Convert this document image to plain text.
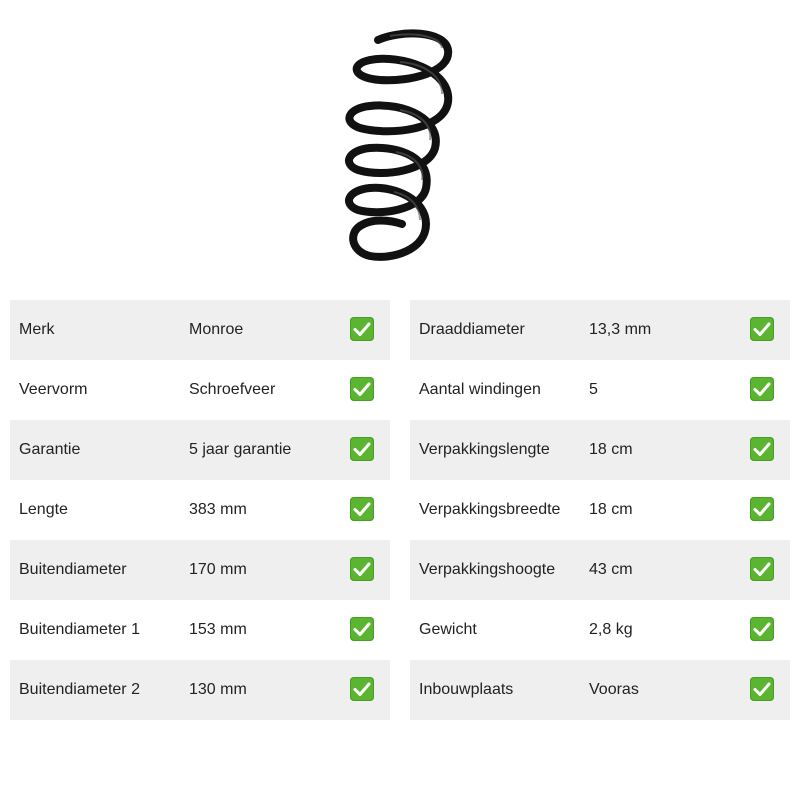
Merk	Monroe
Veervorm	Schroefveer
Garantie	5 jaar garantie
Lengte	383 mm
Buitendiameter	170 mm
Buitendiameter 1	153 mm
Buitendiameter 2	130 mm
Draaddiameter	13,3 mm
Aantal windingen	5
Verpakkingslengte 18 cm
Verpakkingsbreedte 18 cm
Verpakkingshoogte 43 cm
Gewicht	2,8 kg
Inbouwplaats	Vooras
